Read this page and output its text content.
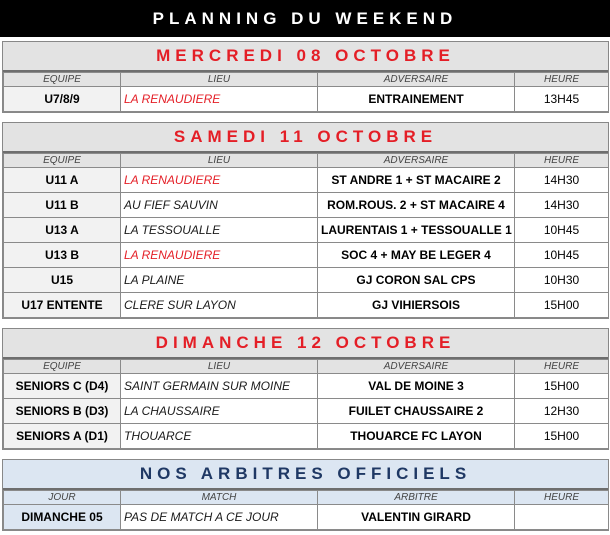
PLANNING DU WEEKEND
MERCREDI 08 OCTOBRE
EQUIPE	LIEU	ADVERSAIRE	HEURE
U7/8/9	LA RENAUDIERE	ENTRAINEMENT	13H45
SAMEDI 11 OCTOBRE
EQUIPE	LIEU	ADVERSAIRE	HEURE
U11 A	LA RENAUDIERE	ST ANDRE 1 + ST MACAIRE 2	14H30
U11 B	AU FIEF SAUVIN	ROM.ROUS. 2 + ST MACAIRE 4	14H30
U13 A	LA TESSOUALLE	LAURENTAIS 1 + TESSOUALLE 1	10H45
U13 B	LA RENAUDIERE	SOC 4 + MAY BE LEGER 4	10H45
U15	LA PLAINE	GJ CORON SAL CPS	10H30
U17 ENTENTE	CLERE SUR LAYON	GJ VIHIERSOIS	15H00
DIMANCHE 12 OCTOBRE
EQUIPE	LIEU	ADVERSAIRE	HEURE
SENIORS C (D4)	SAINT GERMAIN SUR MOINE	VAL DE MOINE 3	15H00
SENIORS B (D3)	LA CHAUSSAIRE	FUILET CHAUSSAIRE 2	12H30
SENIORS A (D1)	THOUARCE	THOUARCE FC LAYON	15H00
NOS ARBITRES OFFICIELS
JOUR	MATCH	ARBITRE	HEURE
DIMANCHE 05	PAS DE MATCH A CE JOUR	VALENTIN GIRARD	
